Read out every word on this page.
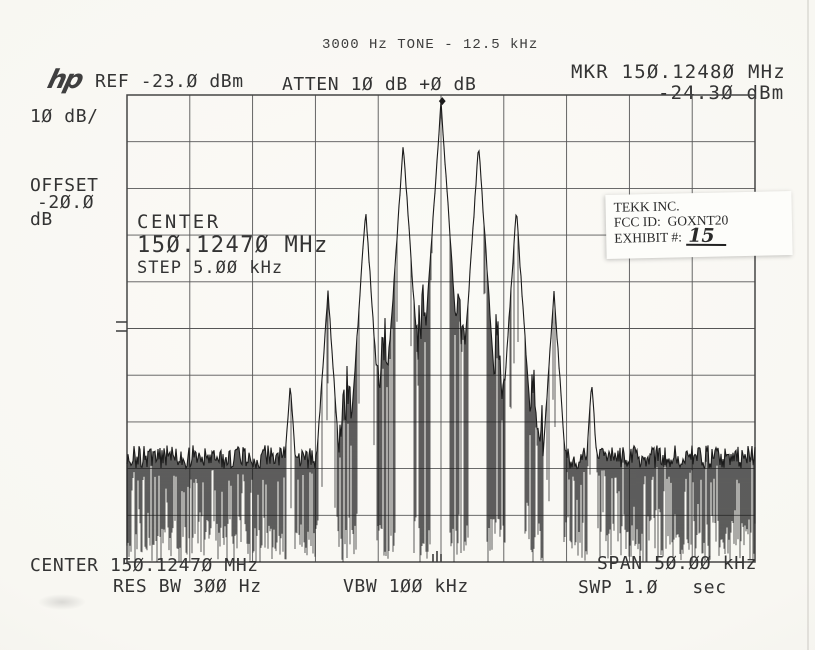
3000 Hz TONE - 12.5 kHz
hp REF -23.Ø dBm ATTEN 1Ø dB +Ø dB
MKR 15Ø.1248Ø MHz
-24.3Ø dBm
1Ø dB/
OFFSET
-2Ø.Ø
dB	CENTER
15Ø.1247Ø MHz
STEP 5.ØØ kHz
TEKK INC.
FCC ID:  GOXNT20
EXHIBIT #: 15
CENTER 15Ø.1247Ø MHz	SPAN 5Ø.ØØ kHz
RES BW 3ØØ Hz	VBW 1ØØ kHz	SWP 1.Ø   sec
